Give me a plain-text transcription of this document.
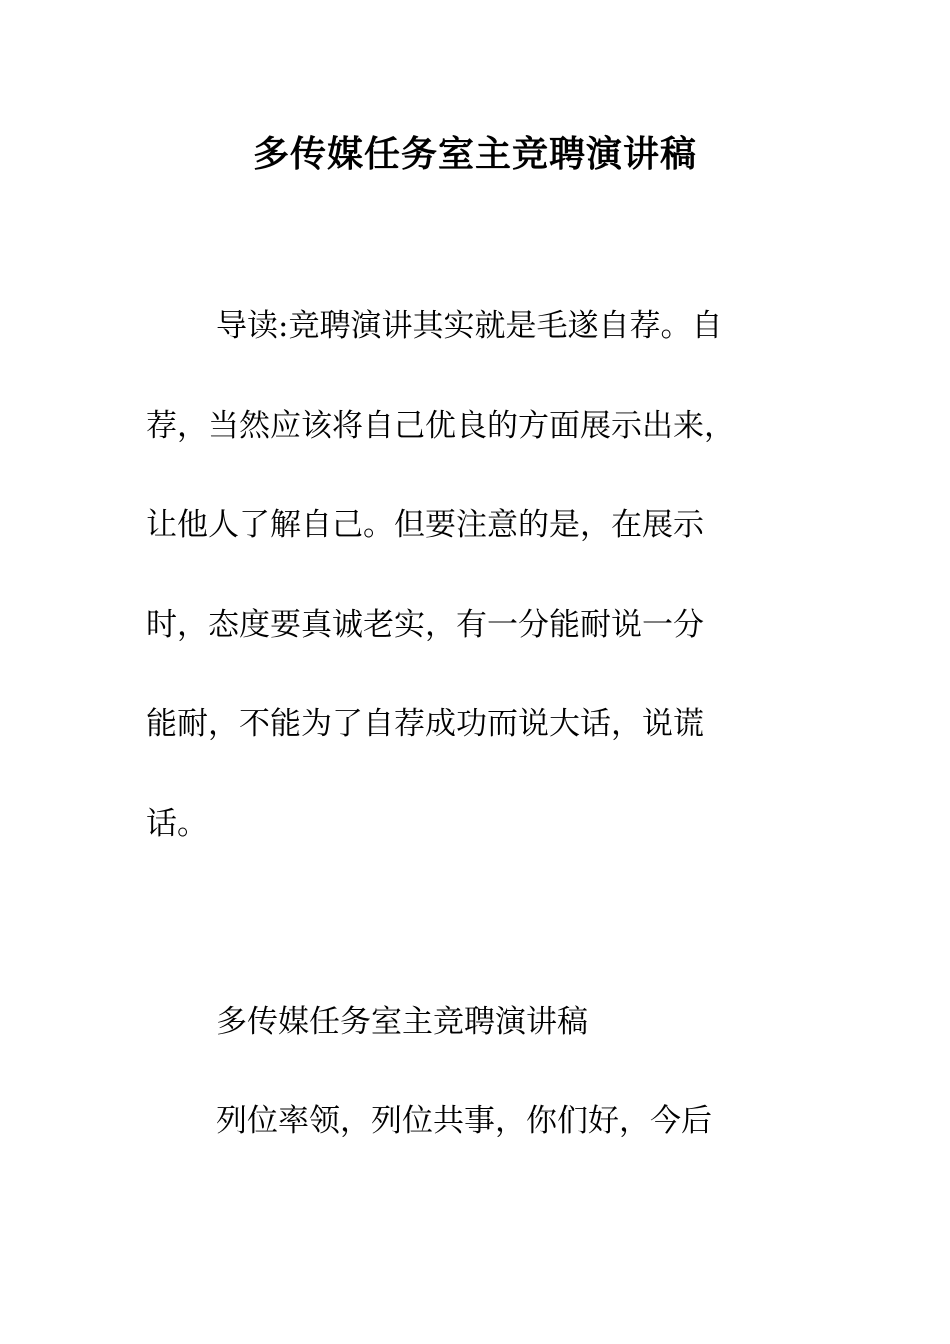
多传媒任务室主竞聘演讲稿

导读:竞聘演讲其实就是毛遂自荐。自

荐，当然应该将自己优良的方面展示出来，

让他人了解自己。但要注意的是，在展示

时，态度要真诚老实，有一分能耐说一分

能耐，不能为了自荐成功而说大话，说谎

话。

多传媒任务室主竞聘演讲稿

列位率领，列位共事，你们好，今后
